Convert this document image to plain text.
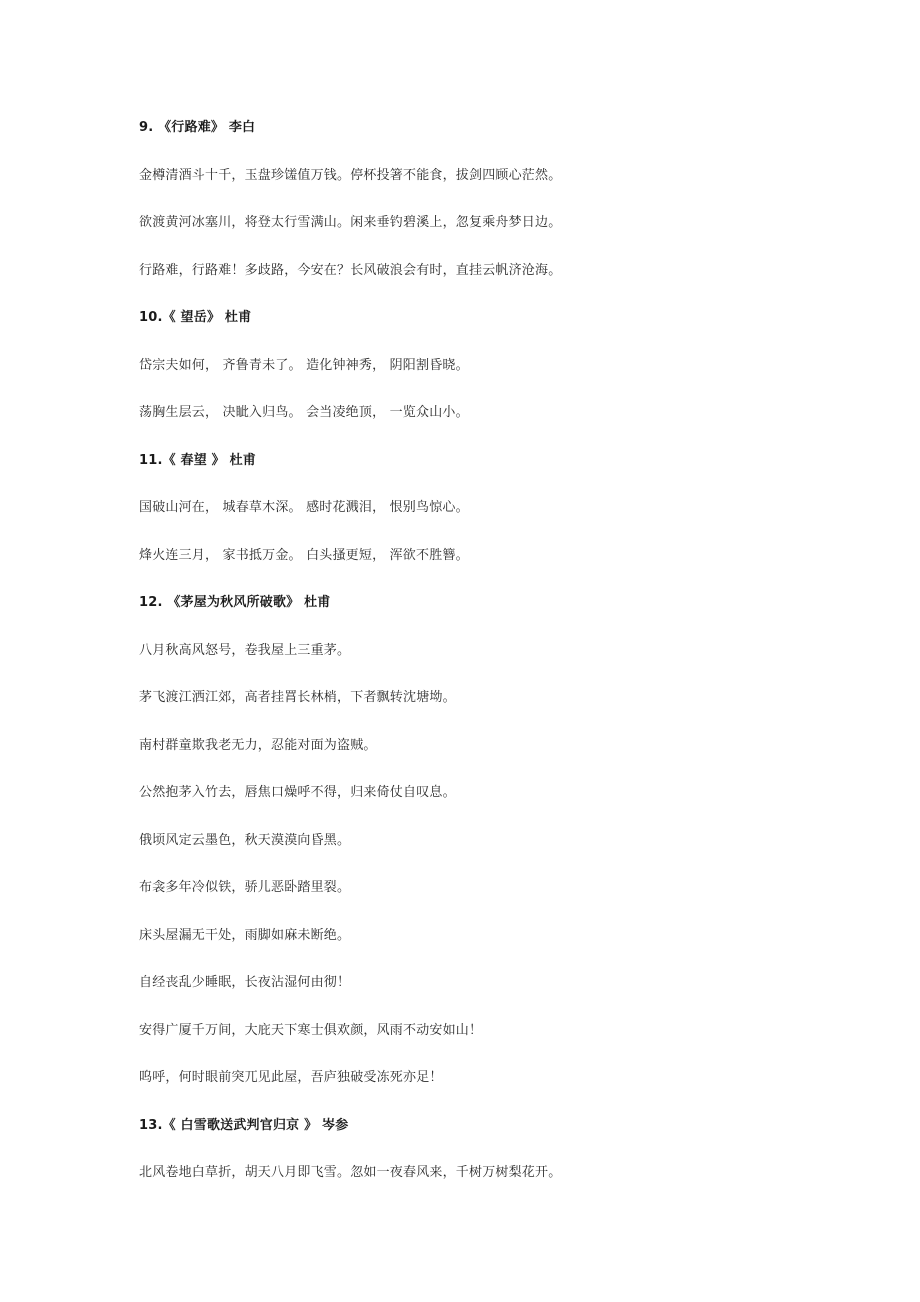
9. 《行路难》 李白
金樽清酒斗十千，玉盘珍馐值万钱。停杯投箸不能食，拔剑四顾心茫然。
欲渡黄河冰塞川，将登太行雪满山。闲来垂钓碧溪上，忽复乘舟梦日边。
行路难，行路难！多歧路，今安在？长风破浪会有时，直挂云帆济沧海。
10.《 望岳》 杜甫
岱宗夫如何， 齐鲁青未了。 造化钟神秀， 阴阳割昏晓。
荡胸生层云， 决眦入归鸟。 会当凌绝顶， 一览众山小。
11.《 春望 》 杜甫
国破山河在， 城春草木深。 感时花溅泪， 恨别鸟惊心。
烽火连三月， 家书抵万金。 白头搔更短， 浑欲不胜簪。
12. 《茅屋为秋风所破歌》 杜甫
八月秋高风怒号，卷我屋上三重茅。
茅飞渡江洒江郊，高者挂罥长林梢，下者飘转沈塘坳。
南村群童欺我老无力，忍能对面为盗贼。
公然抱茅入竹去，唇焦口燥呼不得，归来倚仗自叹息。
俄顷风定云墨色，秋天漠漠向昏黑。
布衾多年冷似铁，骄儿恶卧踏里裂。
床头屋漏无干处，雨脚如麻未断绝。
自经丧乱少睡眠，长夜沾湿何由彻！
安得广厦千万间，大庇天下寒士俱欢颜，风雨不动安如山！
呜呼，何时眼前突兀见此屋，吾庐独破受冻死亦足！
13.《 白雪歌送武判官归京 》 岑参
北风卷地白草折，胡天八月即飞雪。忽如一夜春风来，千树万树梨花开。
